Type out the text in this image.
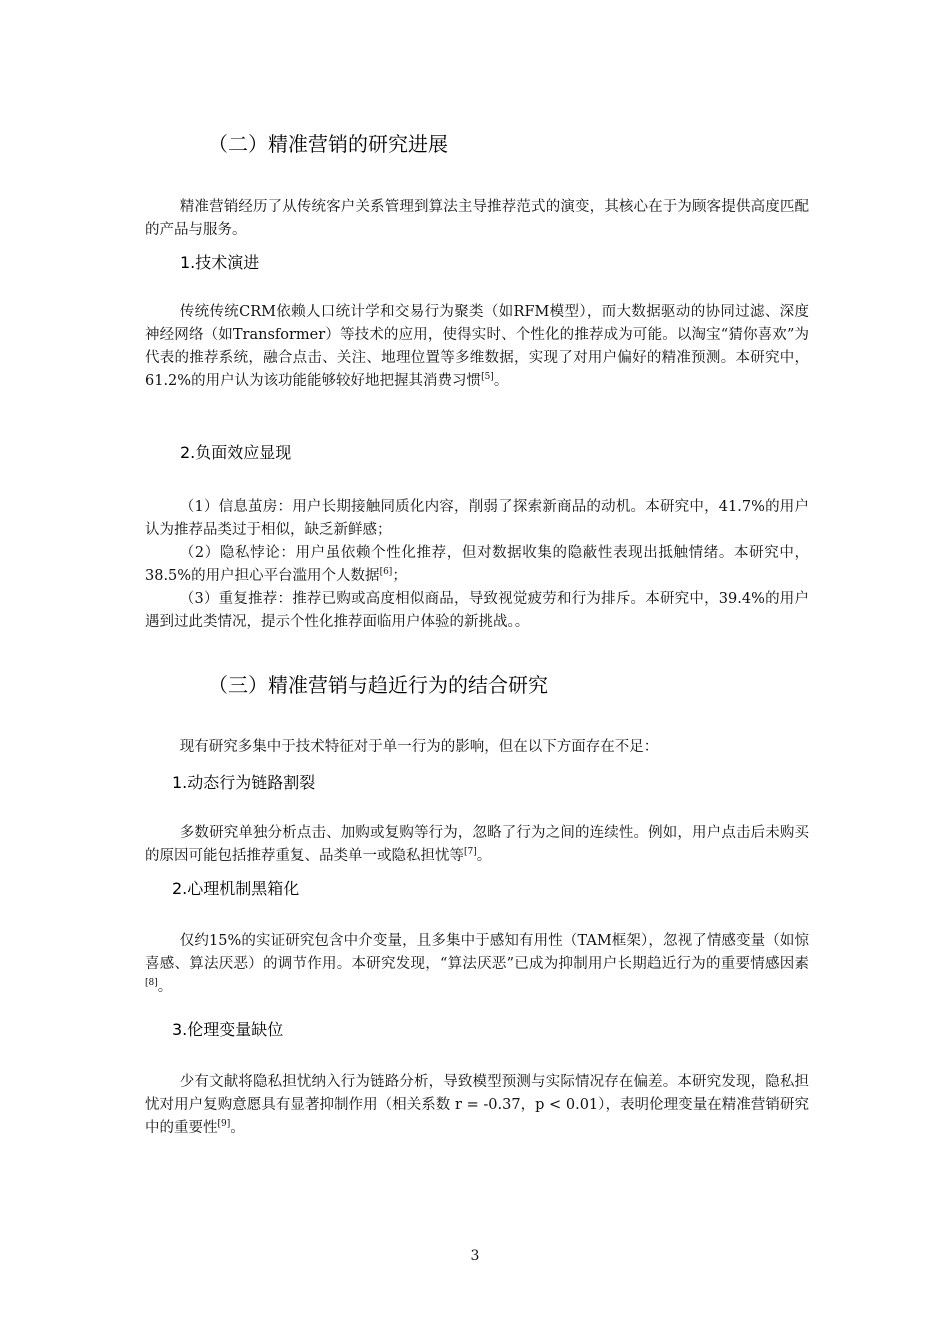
（二）精准营销的研究进展

精准营销经历了从传统客户关系管理到算法主导推荐范式的演变，其核心在于为顾客提供高度匹配的产品与服务。

1.技术演进

传统传统CRM依赖人口统计学和交易行为聚类（如RFM模型），而大数据驱动的协同过滤、深度神经网络（如Transformer）等技术的应用，使得实时、个性化的推荐成为可能。以淘宝“猜你喜欢”为代表的推荐系统，融合点击、关注、地理位置等多维数据，实现了对用户偏好的精准预测。本研究中，61.2%的用户认为该功能能够较好地把握其消费习惯[5]。

2.负面效应显现

（1）信息茧房：用户长期接触同质化内容，削弱了探索新商品的动机。本研究中，41.7%的用户认为推荐品类过于相似，缺乏新鲜感；

（2）隐私悖论：用户虽依赖个性化推荐，但对数据收集的隐蔽性表现出抵触情绪。本研究中，38.5%的用户担心平台滥用个人数据[6]；

（3）重复推荐：推荐已购或高度相似商品，导致视觉疲劳和行为排斥。本研究中，39.4%的用户遇到过此类情况，提示个性化推荐面临用户体验的新挑战。。

（三）精准营销与趋近行为的结合研究

现有研究多集中于技术特征对于单一行为的影响，但在以下方面存在不足：

1.动态行为链路割裂

多数研究单独分析点击、加购或复购等行为，忽略了行为之间的连续性。例如，用户点击后未购买的原因可能包括推荐重复、品类单一或隐私担忧等[7]。

2.心理机制黑箱化

仅约15%的实证研究包含中介变量，且多集中于感知有用性（TAM框架），忽视了情感变量（如惊喜感、算法厌恶）的调节作用。本研究发现，“算法厌恶”已成为抑制用户长期趋近行为的重要情感因素[8]。

3.伦理变量缺位

少有文献将隐私担忧纳入行为链路分析，导致模型预测与实际情况存在偏差。本研究发现，隐私担忧对用户复购意愿具有显著抑制作用（相关系数 r = -0.37，p < 0.01），表明伦理变量在精准营销研究中的重要性[9]。

3
